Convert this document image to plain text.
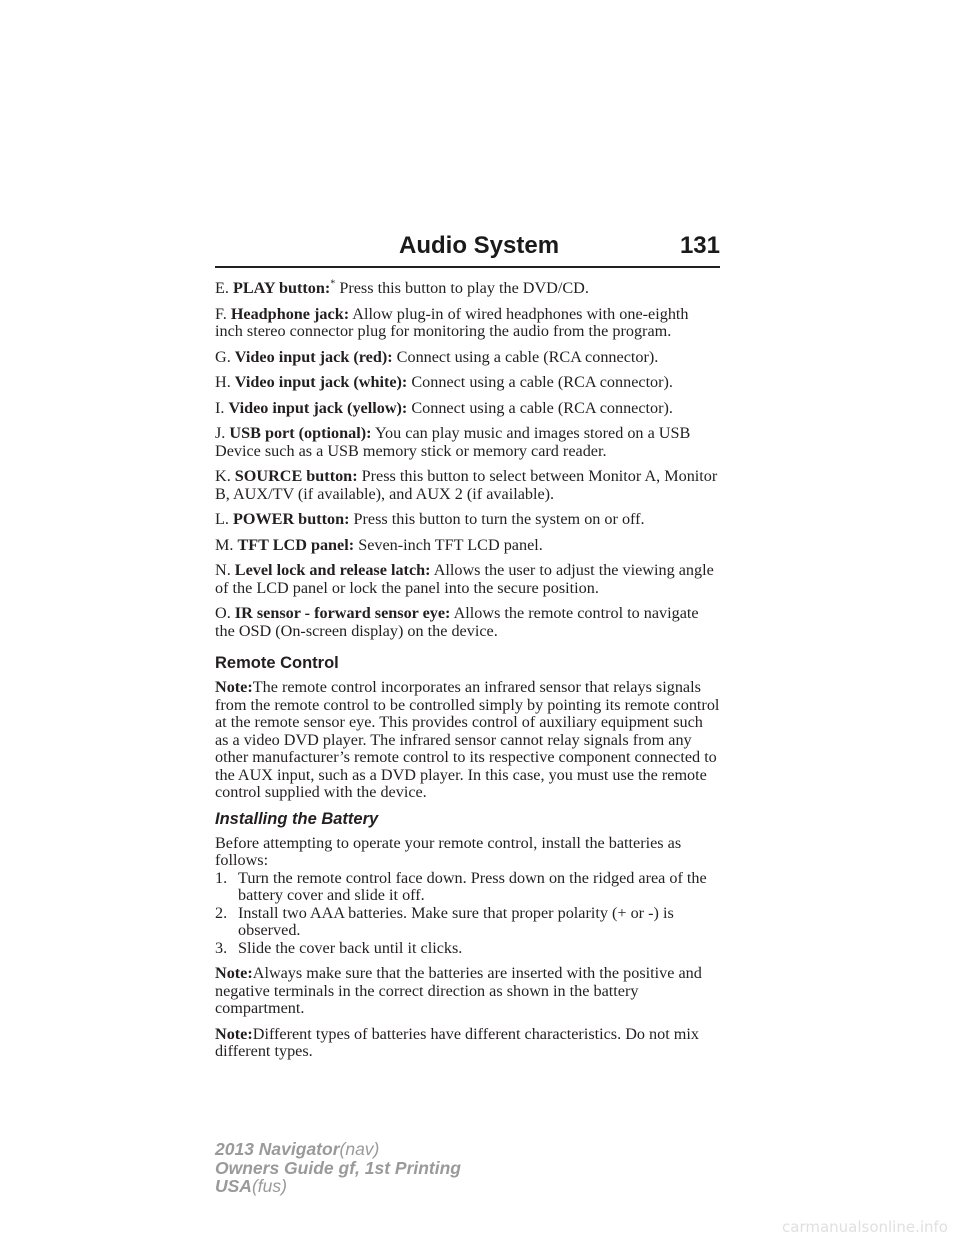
Audio System	131

E. PLAY button:* Press this button to play the DVD/CD.

F. Headphone jack: Allow plug-in of wired headphones with one-eighth inch stereo connector plug for monitoring the audio from the program.

G. Video input jack (red): Connect using a cable (RCA connector).

H. Video input jack (white): Connect using a cable (RCA connector).

I. Video input jack (yellow): Connect using a cable (RCA connector).

J. USB port (optional): You can play music and images stored on a USB Device such as a USB memory stick or memory card reader.

K. SOURCE button: Press this button to select between Monitor A, Monitor B, AUX/TV (if available), and AUX 2 (if available).

L. POWER button: Press this button to turn the system on or off.

M. TFT LCD panel: Seven-inch TFT LCD panel.

N. Level lock and release latch: Allows the user to adjust the viewing angle of the LCD panel or lock the panel into the secure position.

O. IR sensor - forward sensor eye: Allows the remote control to navigate the OSD (On-screen display) on the device.

Remote Control

Note:The remote control incorporates an infrared sensor that relays signals from the remote control to be controlled simply by pointing its remote control at the remote sensor eye. This provides control of auxiliary equipment such as a video DVD player. The infrared sensor cannot relay signals from any other manufacturer’s remote control to its respective component connected to the AUX input, such as a DVD player. In this case, you must use the remote control supplied with the device.

Installing the Battery
Before attempting to operate your remote control, install the batteries as follows:
1. Turn the remote control face down. Press down on the ridged area of the battery cover and slide it off.
2. Install two AAA batteries. Make sure that proper polarity (+ or -) is observed.
3. Slide the cover back until it clicks.

Note:Always make sure that the batteries are inserted with the positive and negative terminals in the correct direction as shown in the battery compartment.

Note:Different types of batteries have different characteristics. Do not mix different types.

2013 Navigator(nav)
Owners Guide gf, 1st Printing
USA(fus)
carmanualsonline.info
